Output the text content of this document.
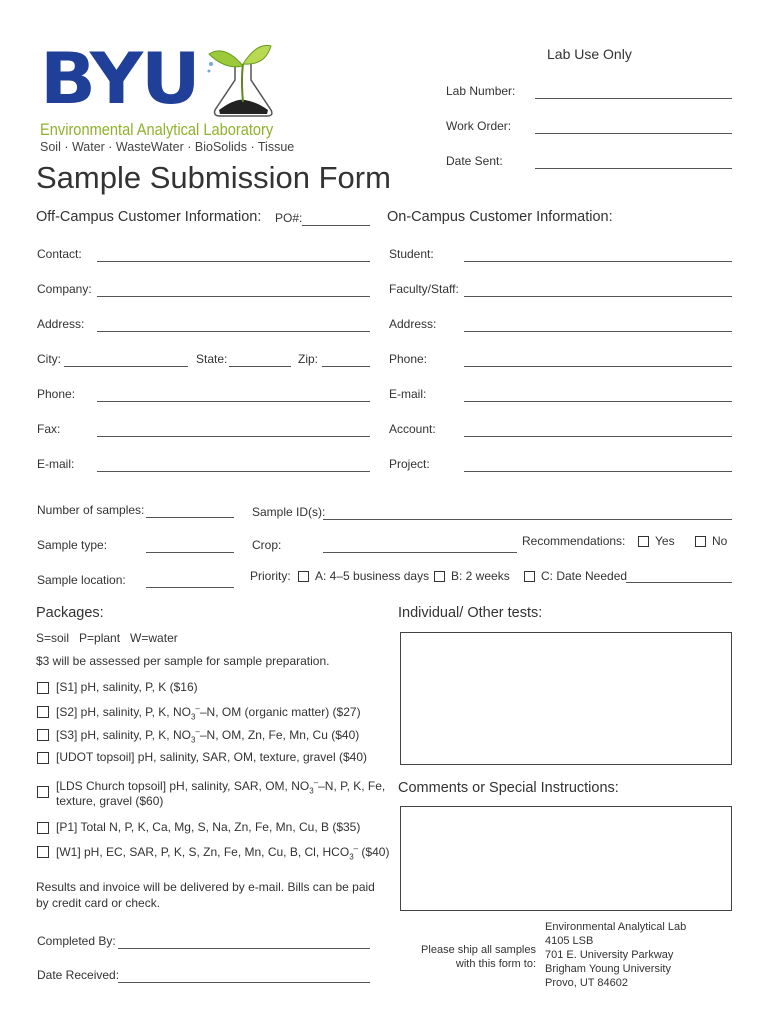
BYU
Environmental Analytical Laboratory
Soil · Water · WasteWater · BioSolids · Tissue
Sample Submission Form
Lab Use Only
Lab Number:
Work Order:
Date Sent:
Off-Campus Customer Information: PO#:
Contact:
Company:
Address:
City:	State:	Zip:
Phone:
Fax:
E-mail:
On-Campus Customer Information:
Student:
Faculty/Staff:
Address:
Phone:
E-mail:
Account:
Project:
Number of samples:	Sample ID(s):
Sample type:	Crop:	Recommendations: Yes	No
Sample location:	Priority: A: 4–5 business days B: 2 weeks	C: Date Needed
Packages:
S=soil   P=plant   W=water
$3 will be assessed per sample for sample preparation.
[S1] pH, salinity, P, K ($16)
[S2] pH, salinity, P, K, $NO_3^--N$, OM (organic matter) ($27)
[S3] pH, salinity, P, K, $NO_3^--N$, OM, Zn, Fe, Mn, Cu ($40)
[UDOT topsoil] pH, salinity, SAR, OM, texture, gravel ($40)
[LDS Church topsoil] pH, salinity, SAR, OM, $NO_3^--N$, P, K, Fe,
texture, gravel ($60)
[P1] Total N, P, K, Ca, Mg, S, Na, Zn, Fe, Mn, Cu, B ($35)
[W1] pH, EC, SAR, P, K, S, Zn, Fe, Mn, Cu, B, Cl, $HCO_3^-$ ($40)
Individual/ Other tests:
Comments or Special Instructions:
Results and invoice will be delivered by e-mail. Bills can be paid
by credit card or check.
Completed By:
Date Received:
Please ship all samples
with this form to:
Environmental Analytical Lab
4105 LSB
701 E. University Parkway
Brigham Young University
Provo, UT 84602
